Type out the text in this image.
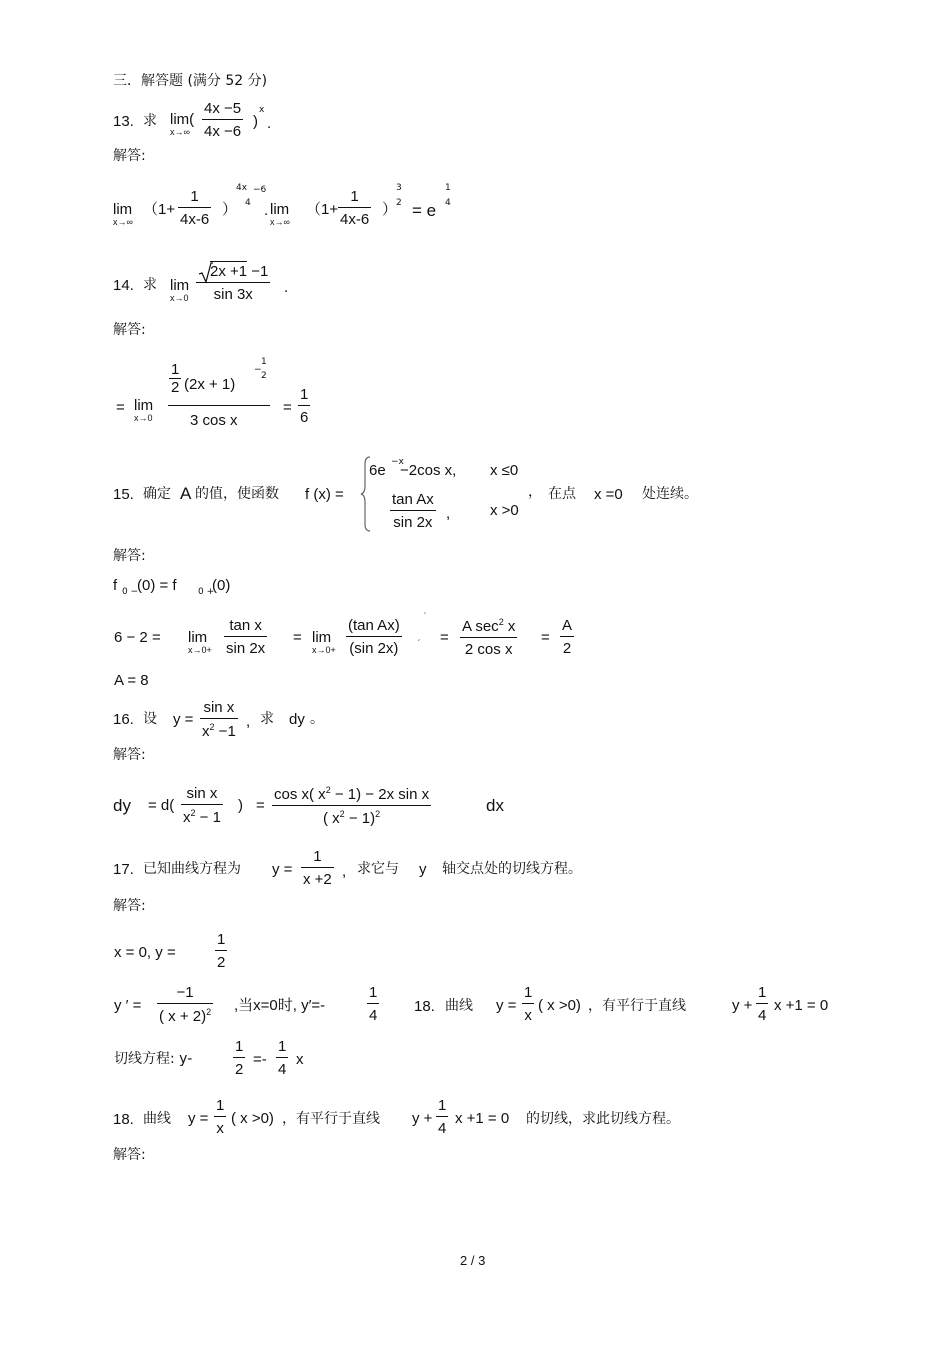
三．解答题 (满分 52 分)
13. 求 lim(
x→∞
4x −5
4x −6
)
x
.
解答:
lim
x→∞
（1+
1
4x-6
）
4x −6
4 . lim
x→∞
（1+
1
4x-6
）
3
2 = e
1
4
14. 求 lim
x→0
2x +1 −1
sin 3x .
解答:
= lim
x→0
1
2 (2x + 1)
1
−
2
3 cos x
=
1
6
15. 确定 A 的值，使函数 f (x) =
6e −x
−2cos x, x ≤0
tan Ax
sin 2x
,	x >0
， 在点 x =0 处连续。
解答:
f 0 −
(0) = f 0 +
(0)
6 − 2 = lim
x→0+
tan x
sin 2x
= lim
x→0+
(tan Ax)
(sin 2x)
′
′ =
A $\sec^2 x$
2 cos x
=
A
2
A = 8
16. 设 y =
sin x
$x^2 -1$
, 求 dy 。
解答:
dy = d(
sin x
$x^2 - 1$
) =
cos x( $x^2 - 1) - 2x$ sin x
( $x^2 - 1)^2$	dx
17. 已知曲线方程为 y =
1
x +2 , 求它与 y 轴交点处的切线方程。
解答:
x = 0, y =
1
2
y ′ =
−1
( x + 2)$^2$ ,当x=0时, y′=-
1
4
18. 曲线 y =
1
x
( x >0) ，有平行于直线	y +
1
4
x +1 = 0
切线方程: y-
1
2
=-
1
4
x
18. 曲线 y =
1
x
( x >0) ，有平行于直线 y +
1
4
x +1 = 0 的切线，求此切线方程。
解答:
2 / 3
